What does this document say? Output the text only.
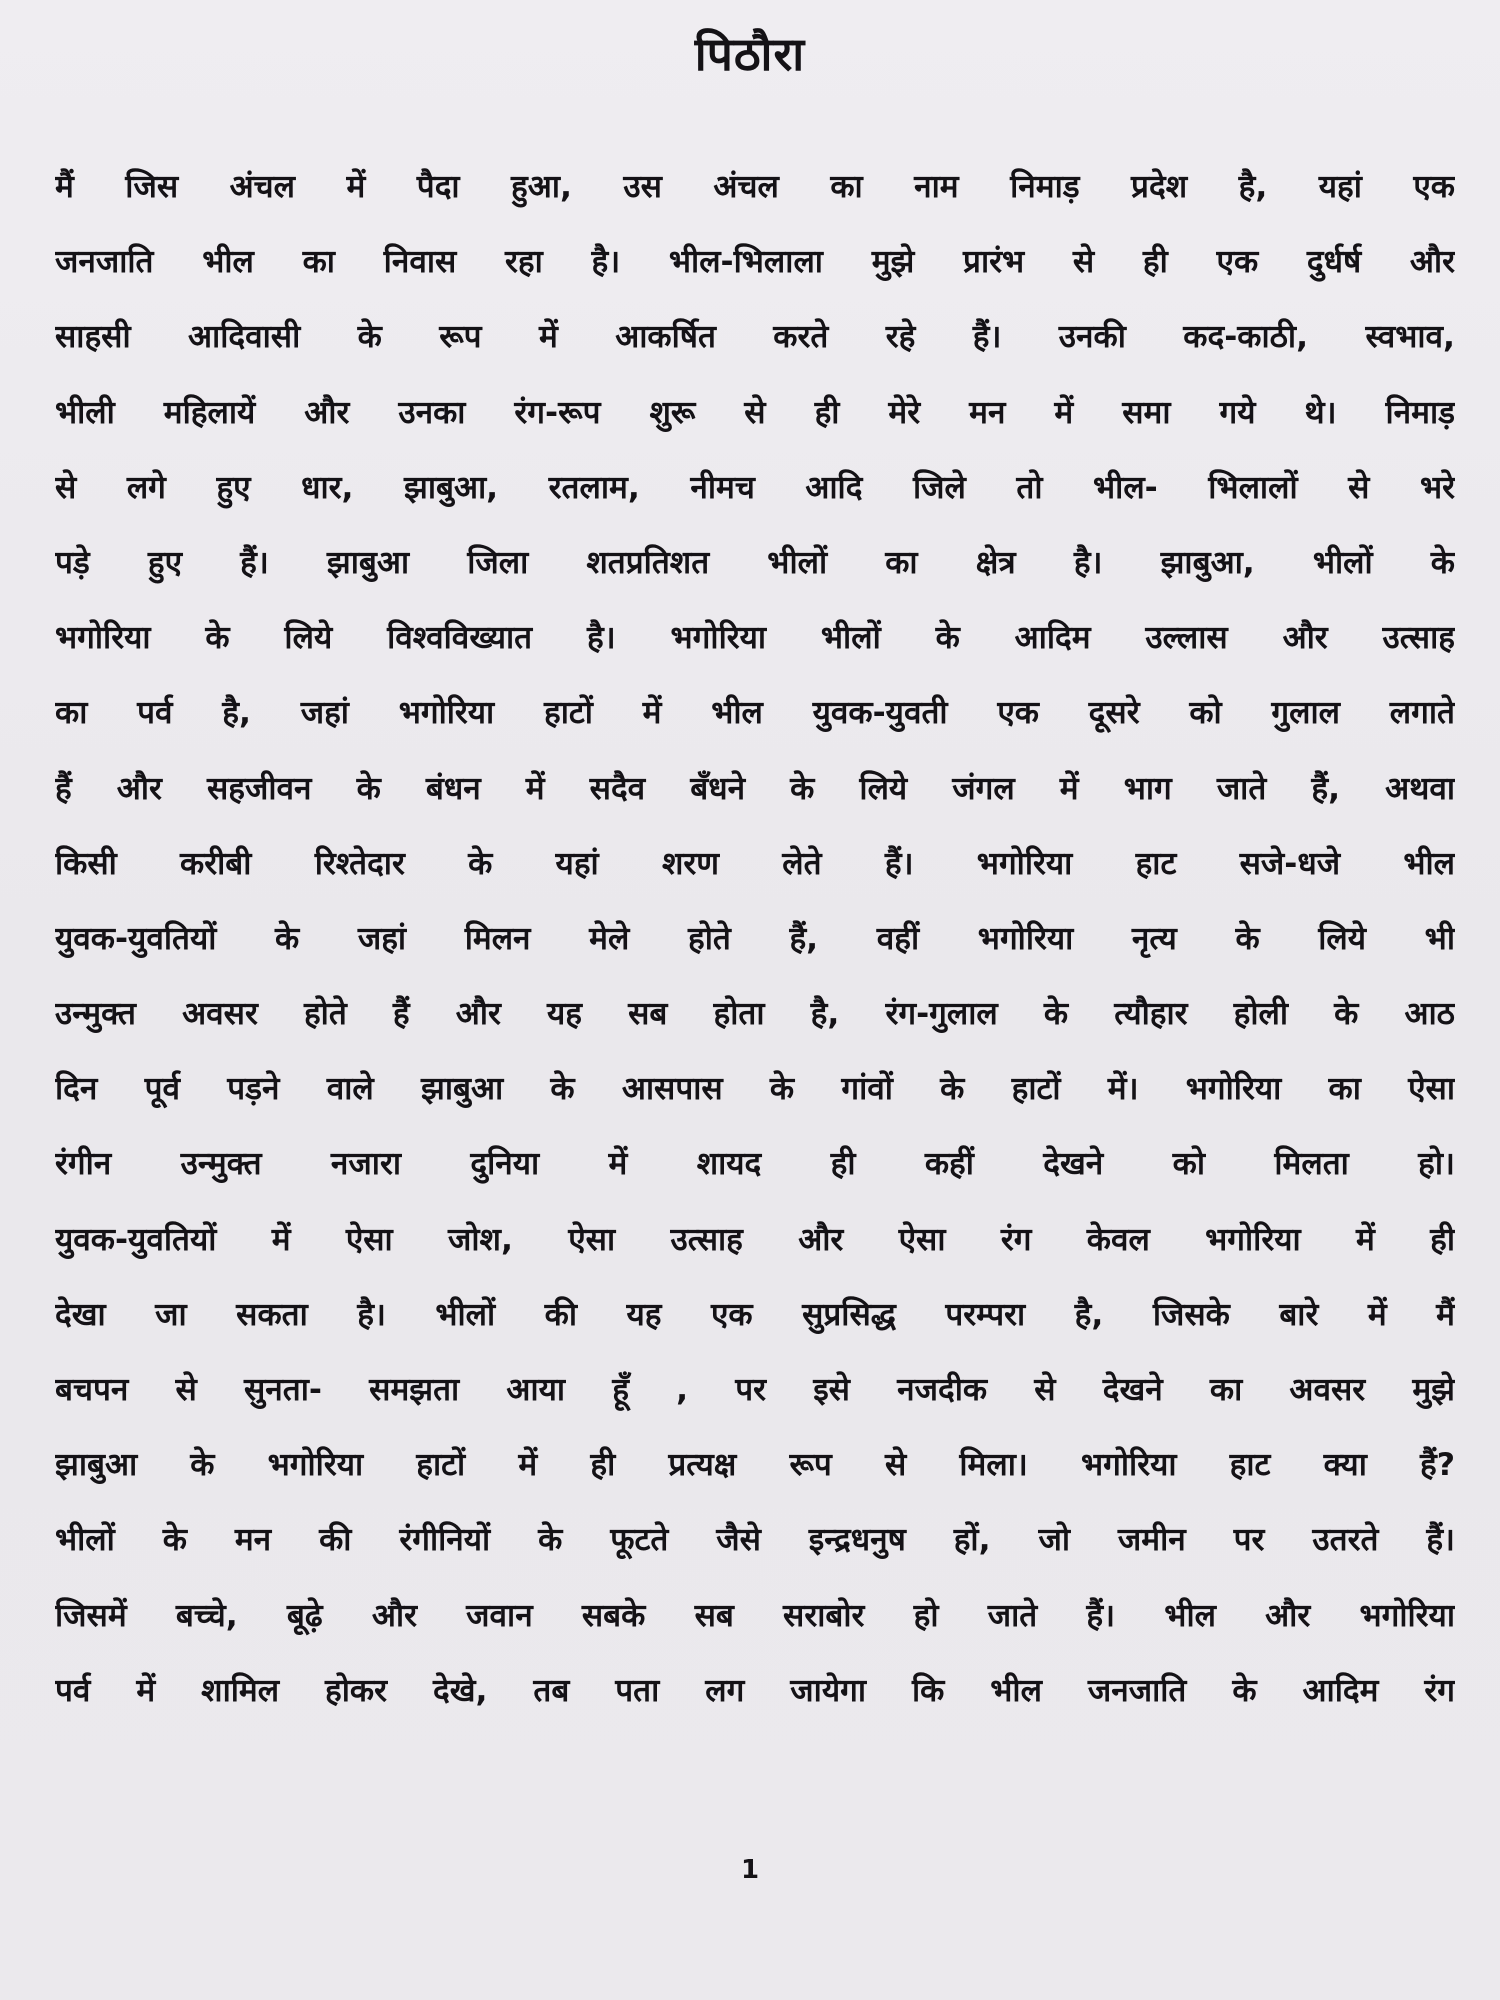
पिठौरा
मैं जिस अंचल में पैदा हुआ, उस अंचल का नाम निमाड़ प्रदेश है, यहां एक
जनजाति भील का निवास रहा है। भील-भिलाला मुझे प्रारंभ से ही एक दुर्धर्ष और
साहसी आदिवासी के रूप में आकर्षित करते रहे हैं। उनकी कद-काठी, स्वभाव,
भीली महिलायें और उनका रंग-रूप शुरू से ही मेरे मन में समा गये थे। निमाड़
से लगे हुए धार, झाबुआ, रतलाम, नीमच आदि जिले तो भील- भिलालों से भरे
पड़े हुए हैं। झाबुआ जिला शतप्रतिशत भीलों का क्षेत्र है। झाबुआ, भीलों के
भगोरिया के लिये विश्वविख्यात है। भगोरिया भीलों के आदिम उल्लास और उत्साह
का पर्व है, जहां भगोरिया हाटों में भील युवक-युवती एक दूसरे को गुलाल लगाते
हैं और सहजीवन के बंधन में सदैव बँधने के लिये जंगल में भाग जाते हैं, अथवा
किसी करीबी रिश्तेदार के यहां शरण लेते हैं। भगोरिया हाट सजे-धजे भील
युवक-युवतियों के जहां मिलन मेले होते हैं, वहीं भगोरिया नृत्य के लिये भी
उन्मुक्त अवसर होते हैं और यह सब होता है, रंग-गुलाल के त्यौहार होली के आठ
दिन पूर्व पड़ने वाले झाबुआ के आसपास के गांवों के हाटों में। भगोरिया का ऐसा
रंगीन उन्मुक्त नजारा दुनिया में शायद ही कहीं देखने को मिलता हो।
युवक-युवतियों में ऐसा जोश, ऐसा उत्साह और ऐसा रंग केवल भगोरिया में ही
देखा जा सकता है। भीलों की यह एक सुप्रसिद्ध परम्परा है, जिसके बारे में मैं
बचपन से सुनता- समझता आया हूँ , पर इसे नजदीक से देखने का अवसर मुझे
झाबुआ के भगोरिया हाटों में ही प्रत्यक्ष रूप से मिला। भगोरिया हाट क्या हैं?
भीलों के मन की रंगीनियों के फूटते जैसे इन्द्रधनुष हों, जो जमीन पर उतरते हैं।
जिसमें बच्चे, बूढ़े और जवान सबके सब सराबोर हो जाते हैं। भील और भगोरिया
पर्व में शामिल होकर देखे, तब पता लग जायेगा कि भील जनजाति के आदिम रंग
1
